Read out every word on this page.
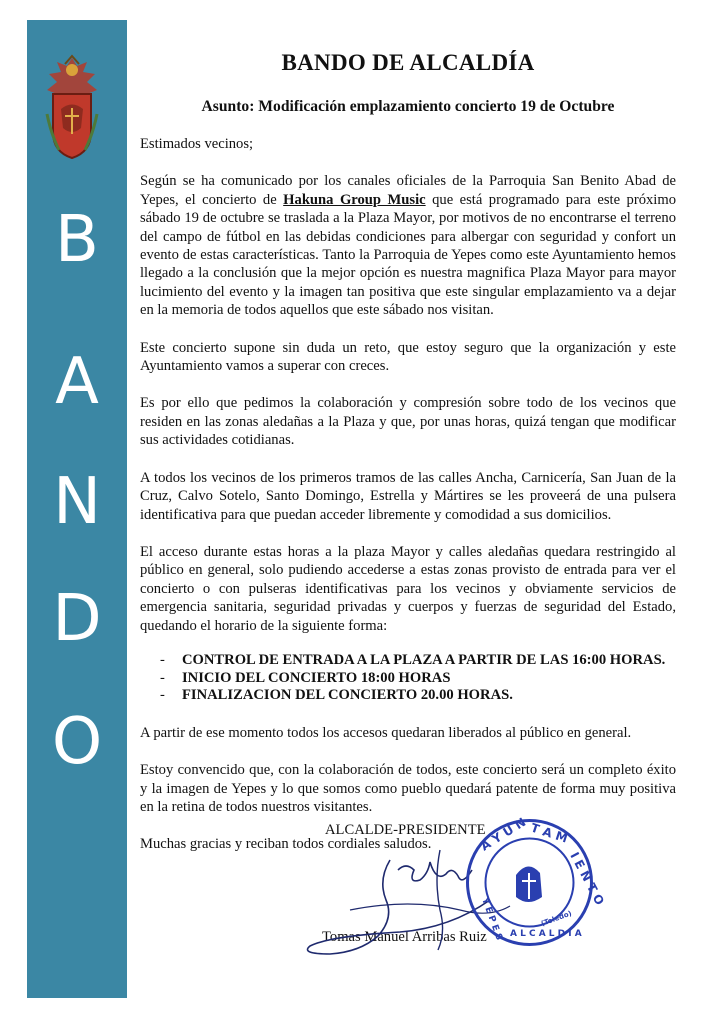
B
A
N
D
O
BANDO DE ALCALDÍA
Asunto: Modificación emplazamiento concierto 19 de Octubre

Estimados vecinos;

Según se ha comunicado por los canales oficiales de la Parroquia San Benito Abad de Yepes, el concierto de Hakuna Group Music que está programado para este próximo sábado 19 de octubre se traslada a la Plaza Mayor, por motivos de no encontrarse el terreno del campo de fútbol en las debidas condiciones para albergar con seguridad y confort un evento de estas características. Tanto la Parroquia de Yepes como este Ayuntamiento hemos llegado a la conclusión que la mejor opción es nuestra magnifica Plaza Mayor para mayor lucimiento del evento y la imagen tan positiva que este singular emplazamiento va a dejar en la memoria de todos aquellos que este sábado nos visitan.

Este concierto supone sin duda un reto, que estoy seguro que la organización y este Ayuntamiento vamos a superar con creces.

Es por ello que pedimos la colaboración y compresión sobre todo de los vecinos que residen en las zonas aledañas a la Plaza y que, por unas horas, quizá tengan que modificar sus actividades cotidianas.

A todos los vecinos de los primeros tramos de las calles Ancha, Carnicería, San Juan de la Cruz, Calvo Sotelo, Santo Domingo, Estrella y Mártires se les proveerá de una pulsera identificativa para que puedan acceder libremente y comodidad a sus domicilios.

El acceso durante estas horas a la plaza Mayor y calles aledañas quedara restringido al público en general, solo pudiendo accederse a estas zonas provisto de entrada para ver el concierto o con pulseras identificativas para los vecinos y obviamente servicios de emergencia sanitaria, seguridad privadas y cuerpos y fuerzas de seguridad del Estado, quedando el horario de la siguiente forma:

- CONTROL DE ENTRADA A LA PLAZA A PARTIR DE LAS 16:00 HORAS.
- INICIO DEL CONCIERTO 18:00 HORAS
- FINALIZACION DEL CONCIERTO 20.00 HORAS.

A partir de ese momento todos los accesos quedaran liberados al público en general.

Estoy convencido que, con la colaboración de todos, este concierto será un completo éxito y la imagen de Yepes y lo que somos como pueblo quedará patente de forma muy positiva en la retina de todos nuestros visitantes.

Muchas gracias y reciban todos cordiales saludos.

ALCALDE-PRESIDENTE
Tomas Manuel Arribas Ruiz
A Y U N T A M
I E N T O
Y E P E S A L C A L D Í A
(Toledo)
